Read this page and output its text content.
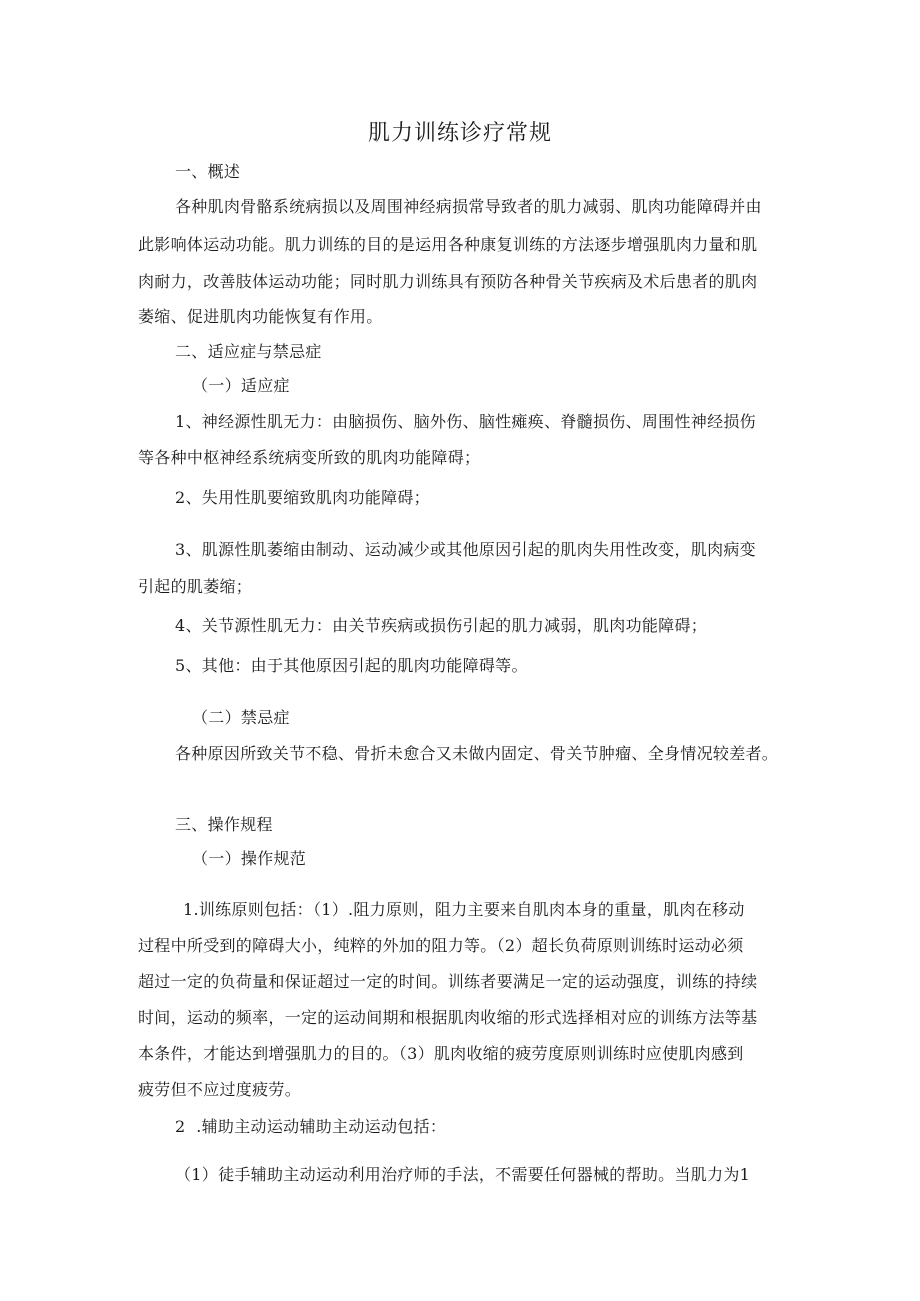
肌力训练诊疗常规
一、概述
各种肌肉骨骼系统病损以及周围神经病损常导致者的肌力减弱、肌肉功能障碍并由
此影响体运动功能。肌力训练的目的是运用各种康复训练的方法逐步增强肌肉力量和肌
肉耐力，改善肢体运动功能；同时肌力训练具有预防各种骨关节疾病及术后患者的肌肉
萎缩、促进肌肉功能恢复有作用。
二、适应症与禁忌症
（一）适应症
1、神经源性肌无力：由脑损伤、脑外伤、脑性瘫痪、脊髓损伤、周围性神经损伤
等各种中枢神经系统病变所致的肌肉功能障碍；
2、失用性肌要缩致肌肉功能障碍；
3、肌源性肌萎缩由制动、运动减少或其他原因引起的肌肉失用性改变，肌肉病变
引起的肌萎缩；
4、关节源性肌无力：由关节疾病或损伤引起的肌力减弱，肌肉功能障碍；
5、其他：由于其他原因引起的肌肉功能障碍等。
（二）禁忌症
各种原因所致关节不稳、骨折未愈合又未做内固定、骨关节肿瘤、全身情况较差者。
三、操作规程
（一）操作规范
1.训练原则包括：（1）.阻力原则，阻力主要来自肌肉本身的重量，肌肉在移动
过程中所受到的障碍大小，纯粹的外加的阻力等。（2）超长负荷原则训练时运动必须
超过一定的负荷量和保证超过一定的时间。训练者要满足一定的运动强度，训练的持续
时间，运动的频率，一定的运动间期和根据肌肉收缩的形式选择相对应的训练方法等基
本条件，才能达到增强肌力的目的。（3）肌肉收缩的疲劳度原则训练时应使肌肉感到
疲劳但不应过度疲劳。
2  .辅助主动运动辅助主动运动包括：
（1）徒手辅助主动运动利用治疗师的手法，不需要任何器械的帮助。当肌力为1
